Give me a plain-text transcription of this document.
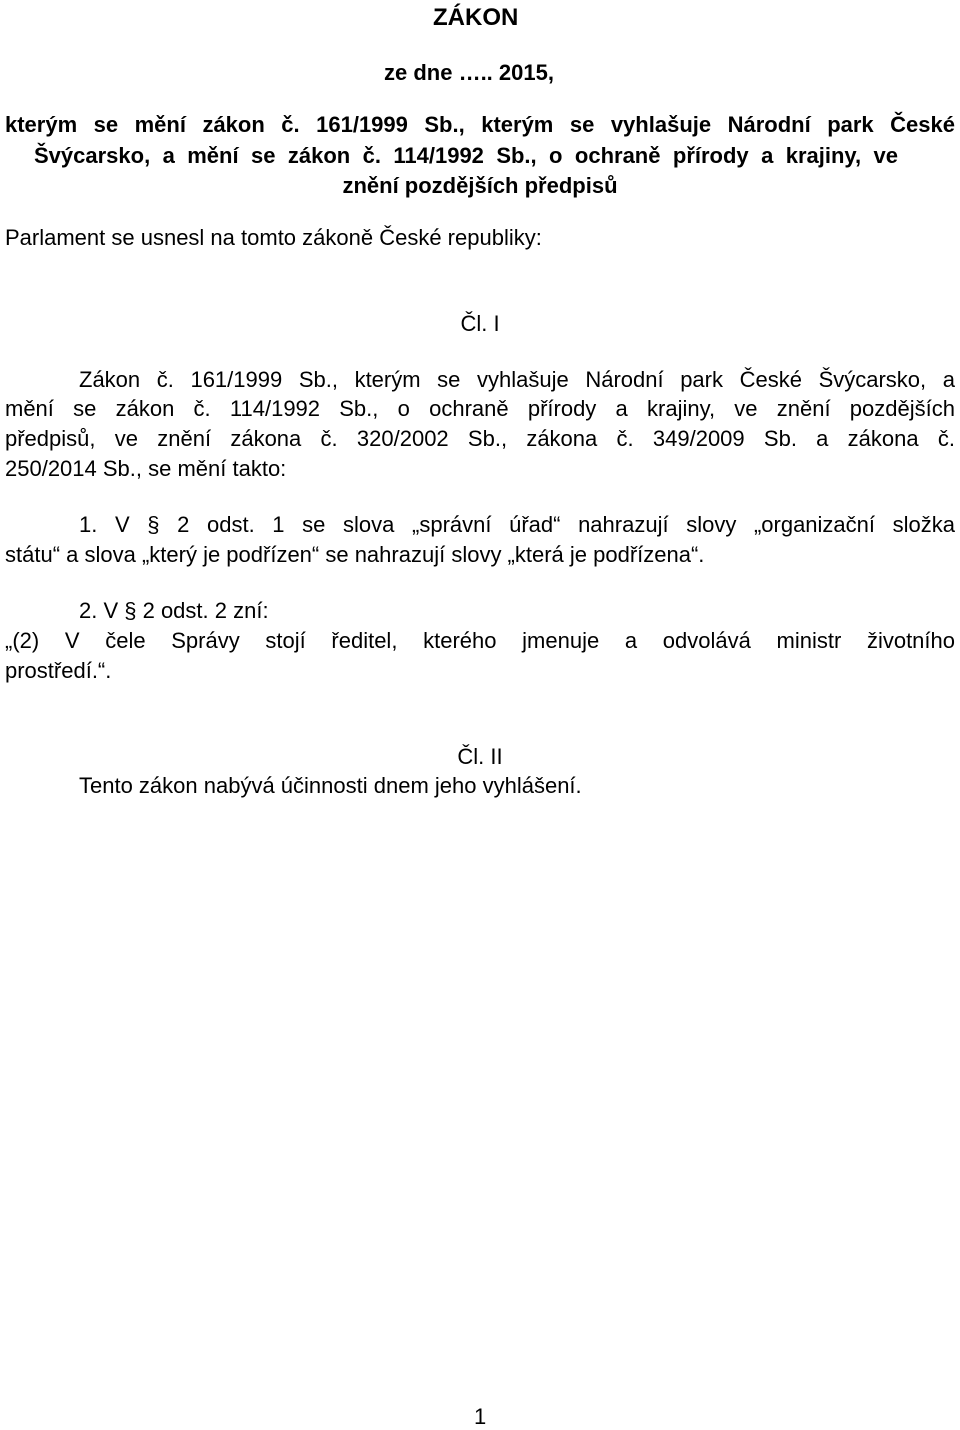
ZÁKON
ze dne ….. 2015,
kterým se mění zákon č. 161/1999 Sb., kterým se vyhlašuje Národní park České
Švýcarsko, a mění se zákon č. 114/1992 Sb., o ochraně přírody a krajiny, ve
znění pozdějších předpisů
Parlament se usnesl na tomto zákoně České republiky:
Čl. I
Zákon č. 161/1999 Sb., kterým se vyhlašuje Národní park České Švýcarsko, a
mění se zákon č. 114/1992 Sb., o ochraně přírody a krajiny, ve znění pozdějších
předpisů, ve znění zákona č. 320/2002 Sb., zákona č. 349/2009 Sb. a zákona č.
250/2014 Sb., se mění takto:
1. V § 2 odst. 1 se slova „správní úřad“ nahrazují slovy „organizační složka
státu“ a slova „který je podřízen“ se nahrazují slovy „která je podřízena“.
2. V § 2 odst. 2 zní:
„(2) V čele Správy stojí ředitel, kterého jmenuje a odvolává ministr životního
prostředí.“.
Čl. II
Tento zákon nabývá účinnosti dnem jeho vyhlášení.
1
